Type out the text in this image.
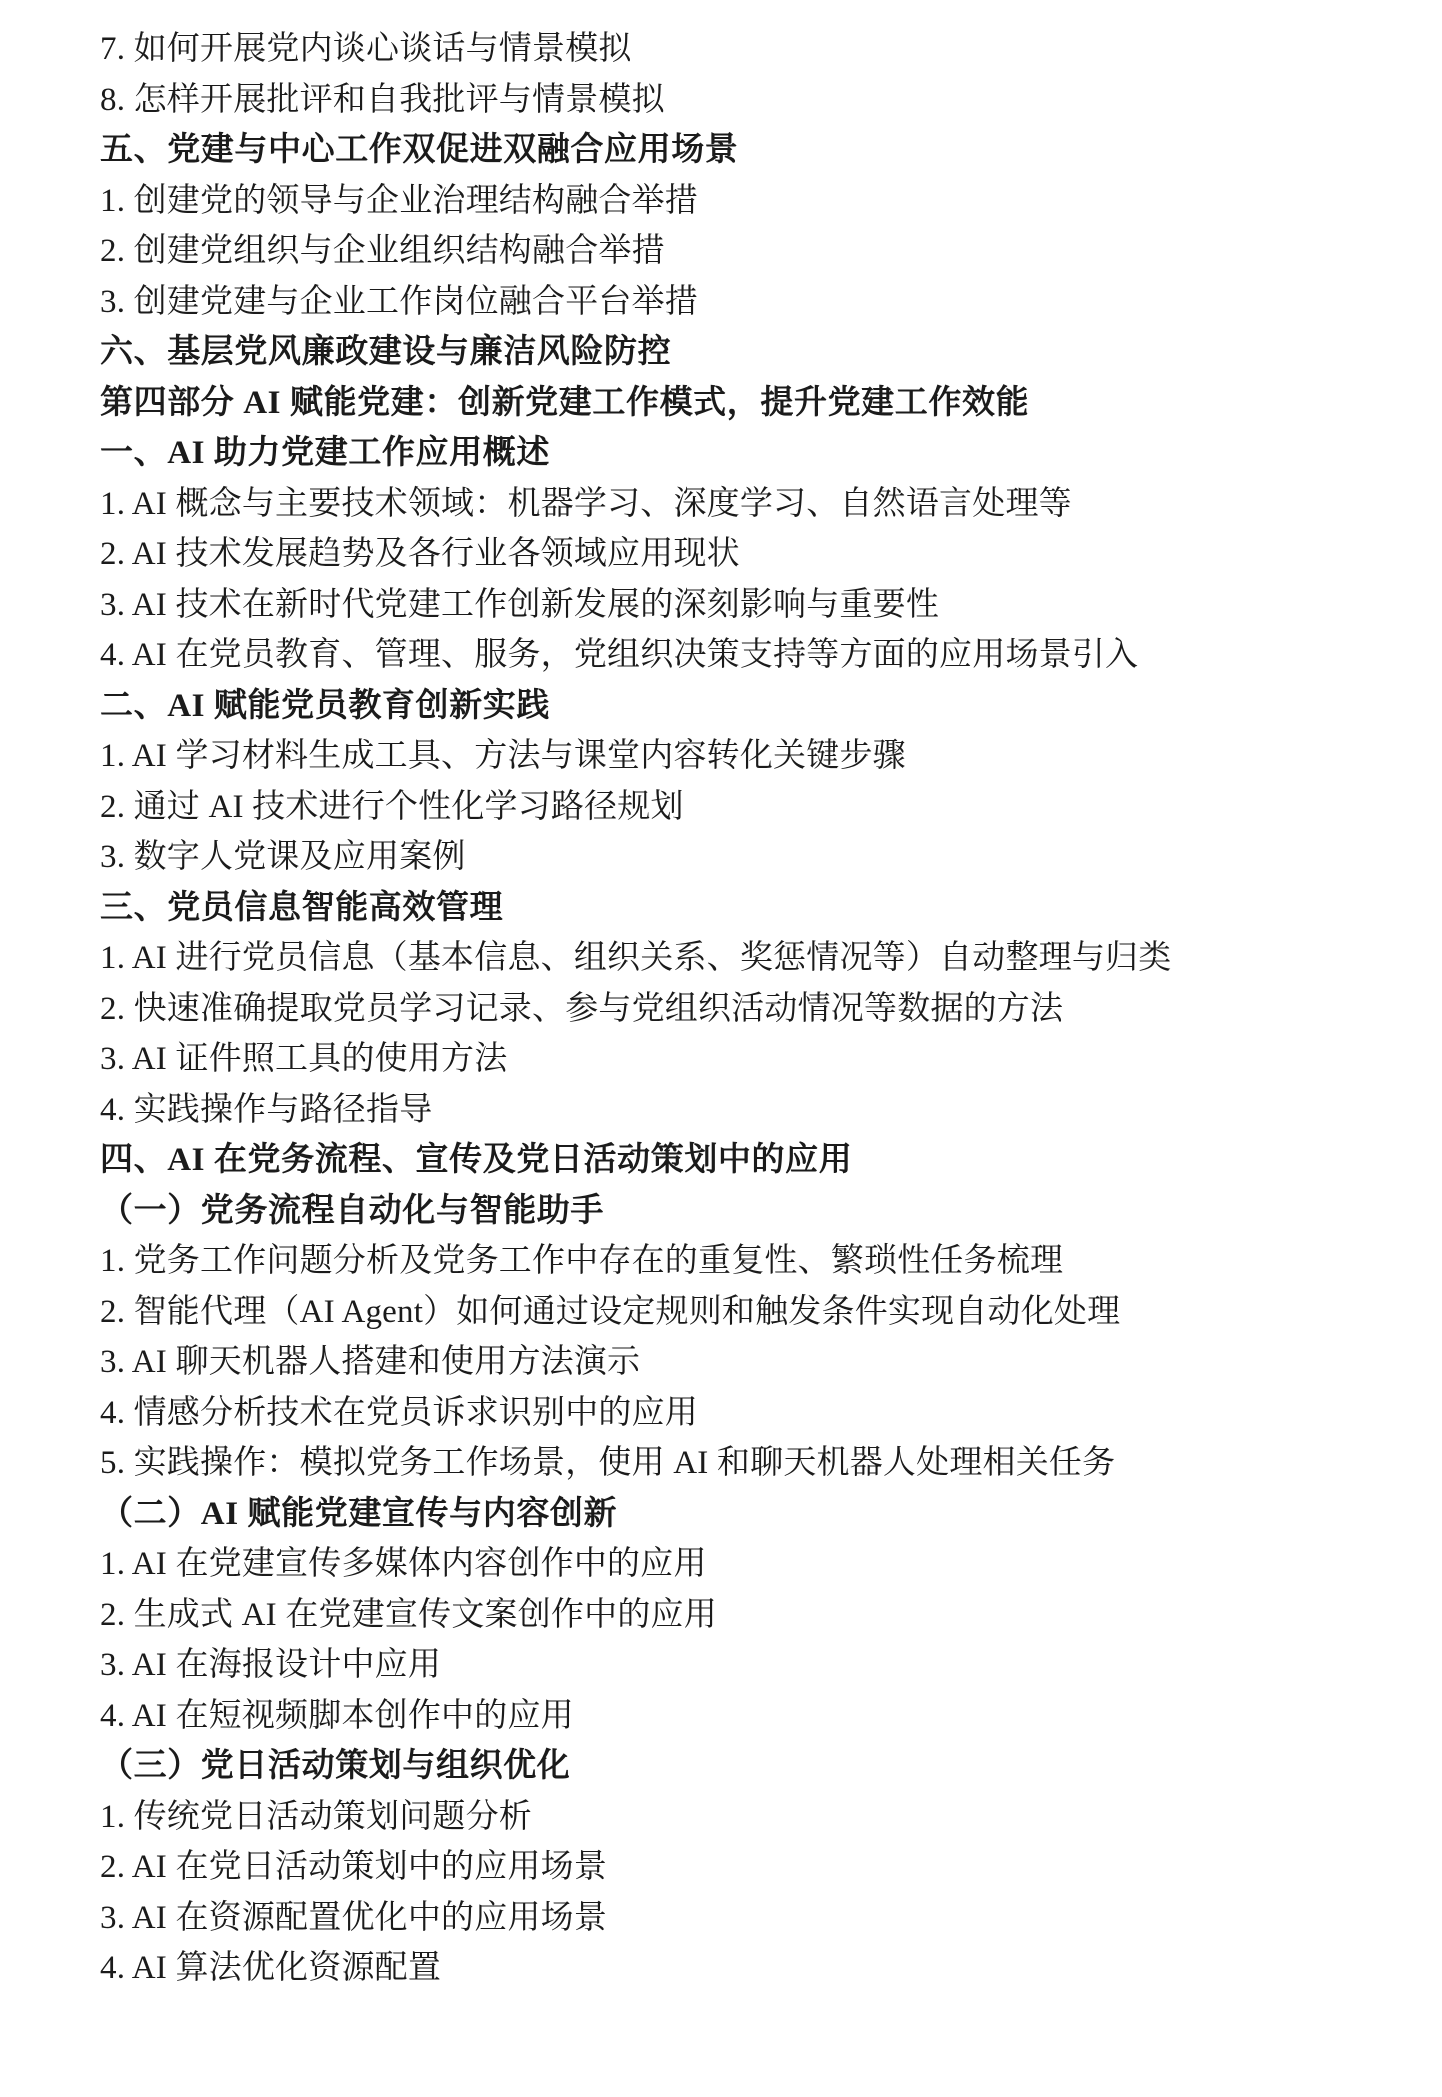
7. 如何开展党内谈心谈话与情景模拟
8. 怎样开展批评和自我批评与情景模拟
五、党建与中心工作双促进双融合应用场景
1. 创建党的领导与企业治理结构融合举措
2. 创建党组织与企业组织结构融合举措
3. 创建党建与企业工作岗位融合平台举措
六、基层党风廉政建设与廉洁风险防控
第四部分 AI 赋能党建：创新党建工作模式，提升党建工作效能
一、AI 助力党建工作应用概述
1. AI 概念与主要技术领域：机器学习、深度学习、自然语言处理等
2. AI 技术发展趋势及各行业各领域应用现状
3. AI 技术在新时代党建工作创新发展的深刻影响与重要性
4. AI 在党员教育、管理、服务，党组织决策支持等方面的应用场景引入
二、AI 赋能党员教育创新实践
1. AI 学习材料生成工具、方法与课堂内容转化关键步骤
2. 通过 AI 技术进行个性化学习路径规划
3. 数字人党课及应用案例
三、党员信息智能高效管理
1. AI 进行党员信息（基本信息、组织关系、奖惩情况等）自动整理与归类
2. 快速准确提取党员学习记录、参与党组织活动情况等数据的方法
3. AI 证件照工具的使用方法
4. 实践操作与路径指导
四、AI 在党务流程、宣传及党日活动策划中的应用
（一）党务流程自动化与智能助手
1. 党务工作问题分析及党务工作中存在的重复性、繁琐性任务梳理
2. 智能代理（AI Agent）如何通过设定规则和触发条件实现自动化处理
3. AI 聊天机器人搭建和使用方法演示
4. 情感分析技术在党员诉求识别中的应用
5. 实践操作：模拟党务工作场景，使用 AI 和聊天机器人处理相关任务
（二）AI 赋能党建宣传与内容创新
1. AI 在党建宣传多媒体内容创作中的应用
2. 生成式 AI 在党建宣传文案创作中的应用
3. AI 在海报设计中应用
4. AI 在短视频脚本创作中的应用
（三）党日活动策划与组织优化
1. 传统党日活动策划问题分析
2. AI 在党日活动策划中的应用场景
3. AI 在资源配置优化中的应用场景
4. AI 算法优化资源配置
